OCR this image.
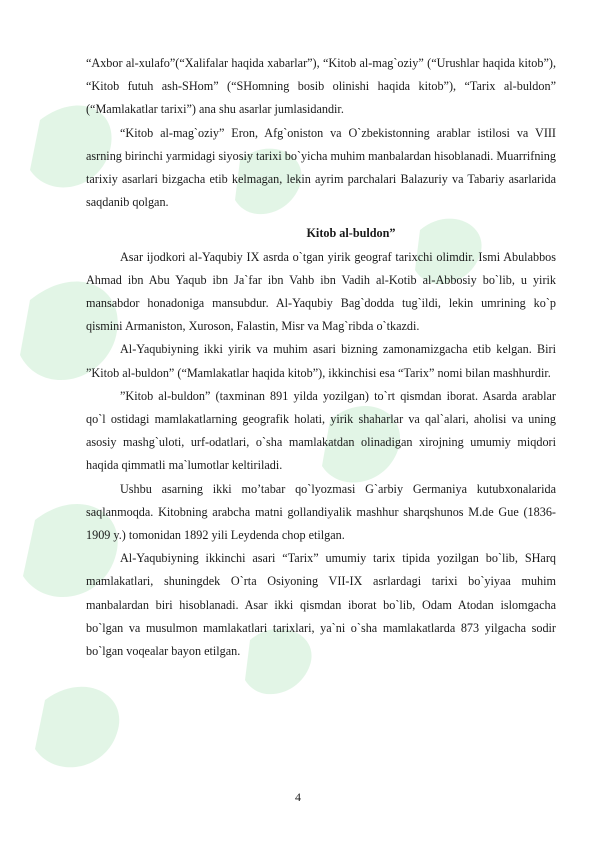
“Axbor al-xulafo”(“Xalifalar haqida xabarlar”), “Kitob al-mag`oziy” (“Urushlar haqida kitob”), “Kitob futuh ash-SHom” (“SHomning bosib olinishi haqida kitob”), “Tarix al-buldon” (“Mamlakatlar tarixi”) ana shu asarlar jumlasidandir.

“Kitob al-mag`oziy” Eron, Afg`oniston va O`zbekistonning arablar istilosi va VIII asrning birinchi yarmidagi siyosiy tarixi bo`yicha muhim manbalardan hisoblanadi. Muarrifning tarixiy asarlari bizgacha etib kelmagan, lekin ayrim parchalari Balazuriy va Tabariy asarlarida saqdanib qolgan.

Kitob al-buldon”

Asar ijodkori al-Yaqubiy IX asrda o`tgan yirik geograf tarixchi olimdir. Ismi Abulabbos Ahmad ibn Abu Yaqub ibn Ja`far ibn Vahb ibn Vadih al-Kotib al-Abbosiy bo`lib, u yirik mansabdor honadoniga mansubdur. Al-Yaqubiy Bag`dodda tug`ildi, lekin umrining ko`p qismini Armaniston, Xuroson, Falastin, Misr va Mag`ribda o`tkazdi.

Al-Yaqubiyning ikki yirik va muhim asari bizning zamonamizgacha etib kelgan. Biri ”Kitob al-buldon” (“Mamlakatlar haqida kitob”), ikkinchisi esa “Tarix” nomi bilan mashhurdir.

”Kitob al-buldon” (taxminan 891 yilda yozilgan) to`rt qismdan iborat. Asarda arablar qo`l ostidagi mamlakatlarning geografik holati, yirik shaharlar va qal`alari, aholisi va uning asosiy mashg`uloti, urf-odatlari, o`sha mamlakatdan olinadigan xirojning umumiy miqdori haqida qimmatli ma`lumotlar keltiriladi.

Ushbu asarning ikki mo’tabar qo`lyozmasi G`arbiy Germaniya kutubxonalarida saqlanmoqda. Kitobning arabcha matni gollandiyalik mashhur sharqshunos M.de Gue (1836-1909 y.) tomonidan 1892 yili Leydenda chop etilgan.

Al-Yaqubiyning ikkinchi asari “Tarix” umumiy tarix tipida yozilgan bo`lib, SHarq mamlakatlari, shuningdek O`rta Osiyoning VII-IX asrlardagi tarixi bo`yiyaa muhim manbalardan biri hisoblanadi. Asar ikki qismdan iborat bo`lib, Odam Atodan islomgacha bo`lgan va musulmon mamlakatlari tarixlari, ya`ni o`sha mamlakatlarda 873 yilgacha sodir bo`lgan voqealar bayon etilgan.

4
